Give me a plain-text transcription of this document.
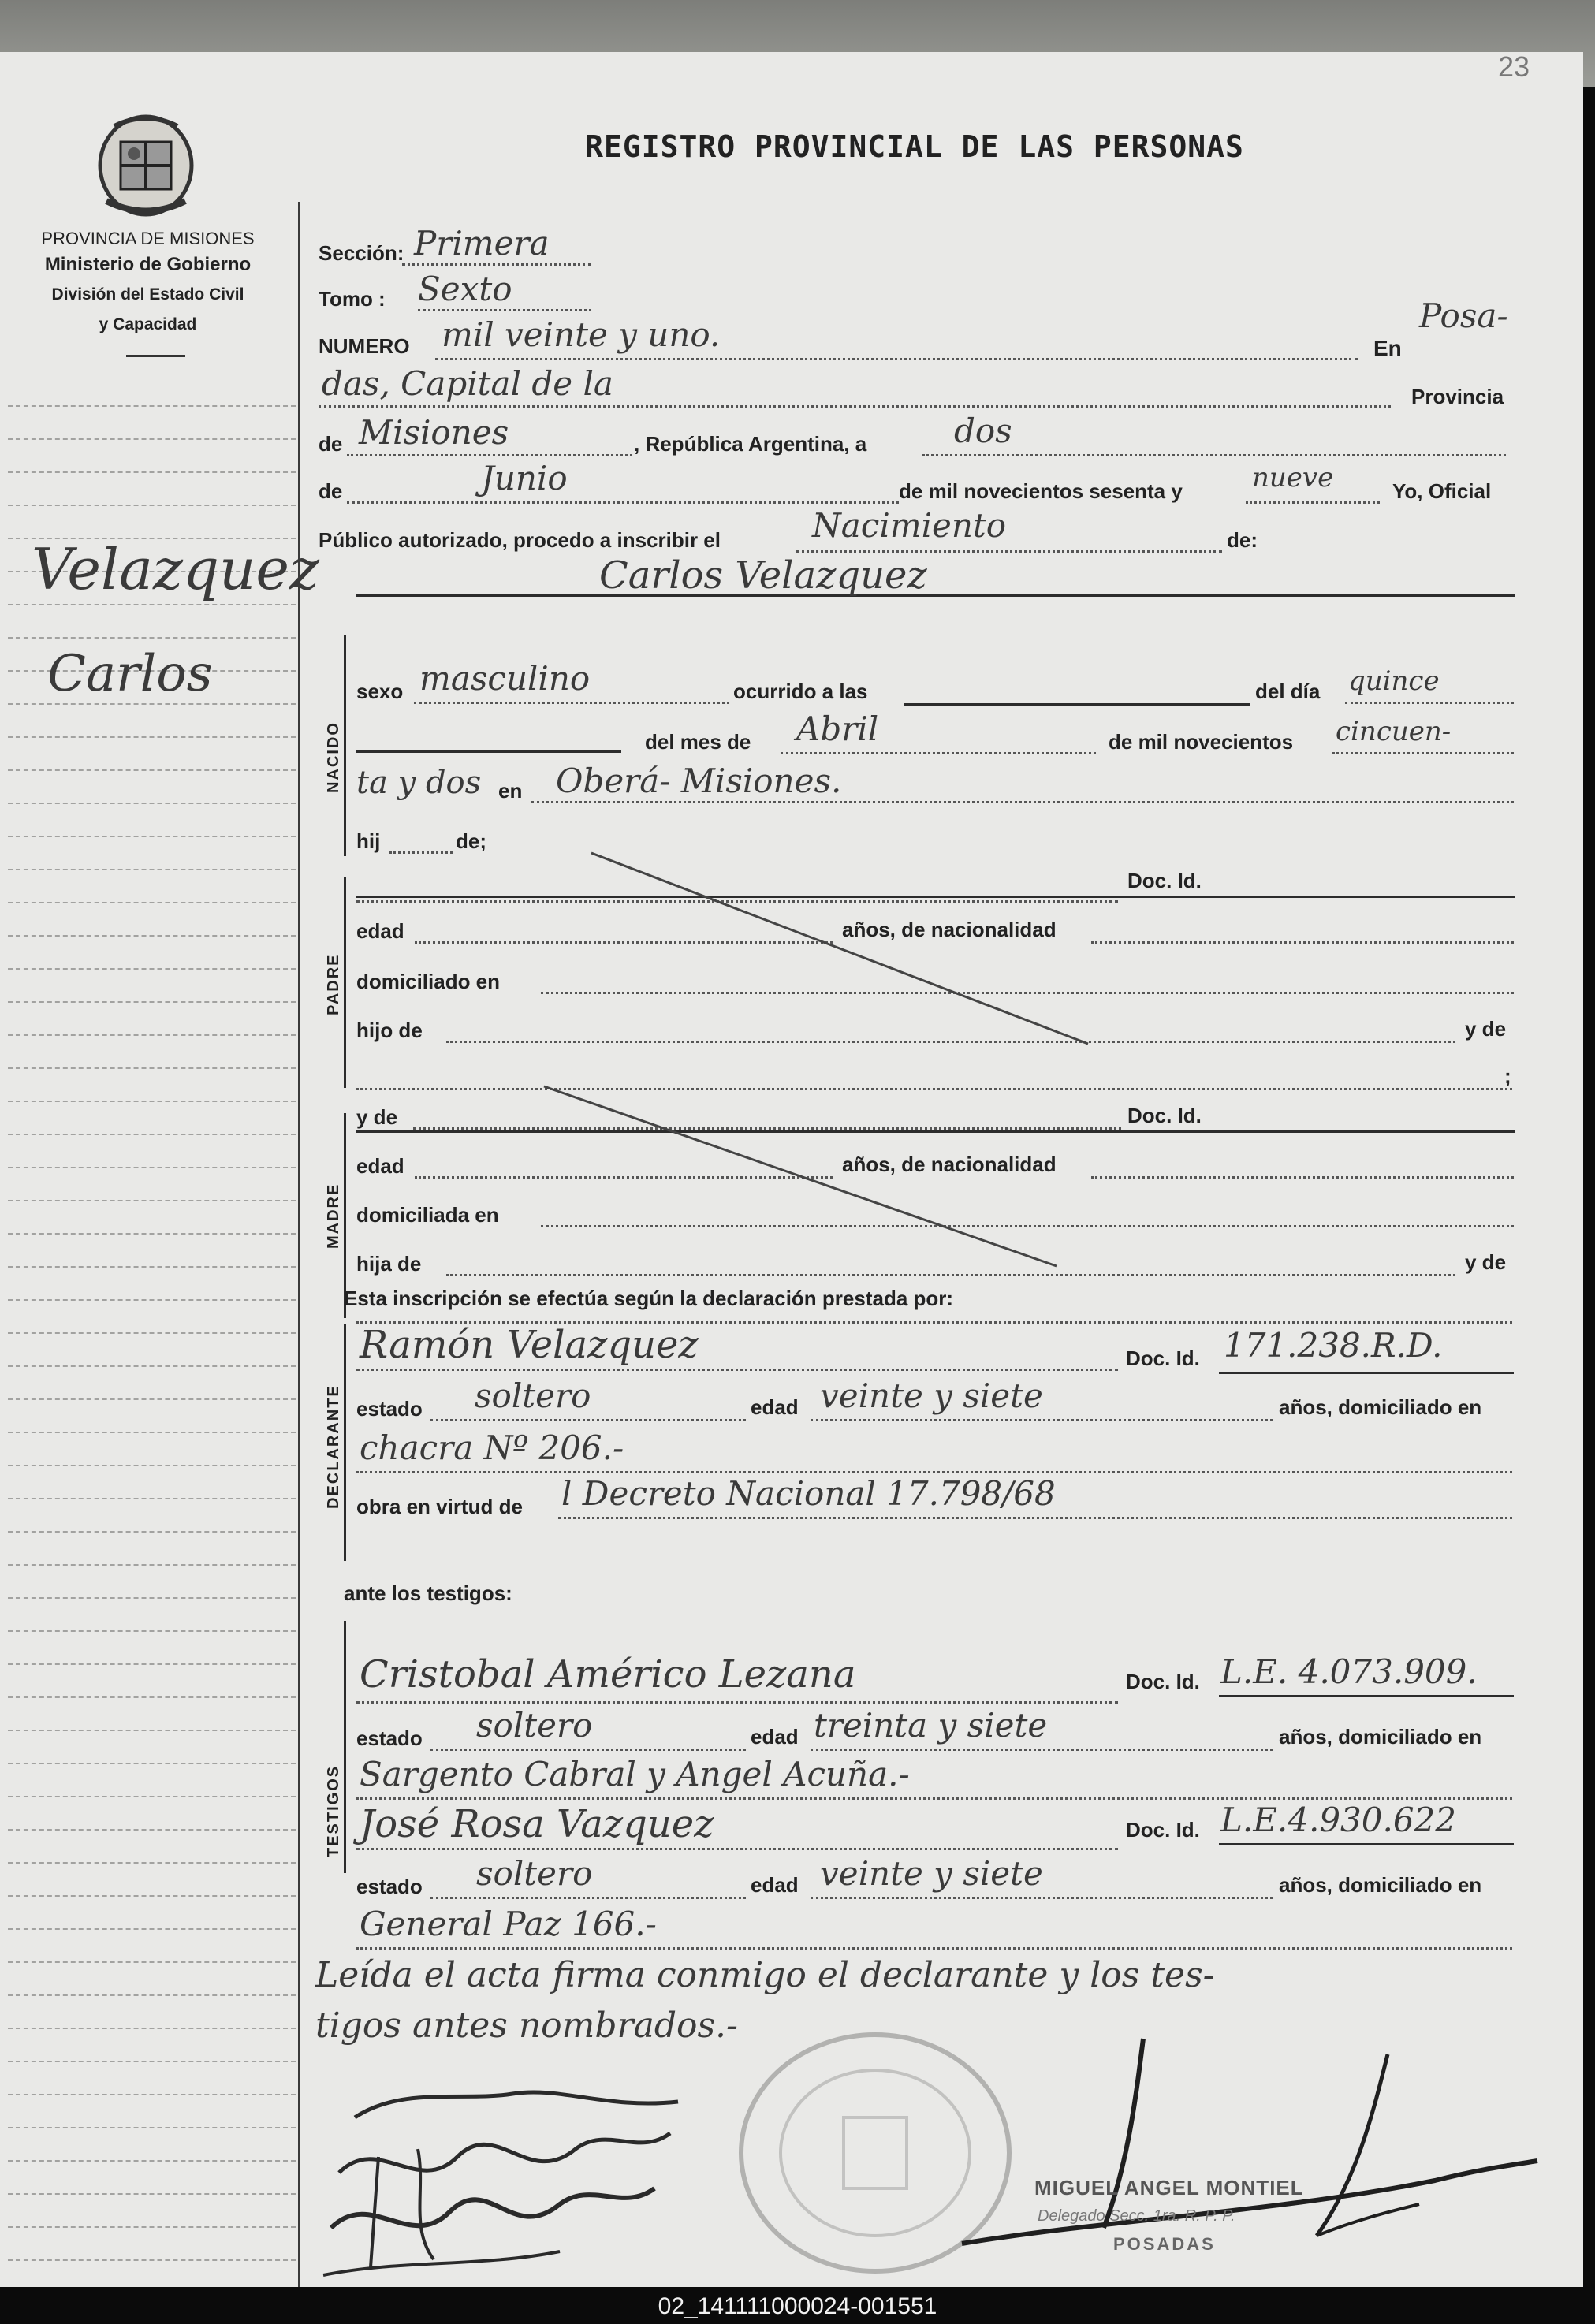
23
PROVINCIA DE MISIONES
Ministerio de Gobierno
División del Estado Civil
y Capacidad
REGISTRO PROVINCIAL DE LAS PERSONAS
Velazquez
Carlos
Sección: Primera
Tomo : Sexto
NUMERO mil veinte y uno.	En
Posa-
das, Capital de la	Provincia
de Misiones	, República Argentina, a	dos
de	Junio	de mil novecientos sesenta y	nueve	Yo, Oficial
Público autorizado, procedo a inscribir el	Nacimiento	de:
NACIDO
Carlos Velazquez
sexo masculino	ocurrido a las	del día quince
del mes de Abril	de mil novecientos cincuen-
ta y dos en Oberá- Misiones.
hij	de;
PADRE
Doc. Id.
edad	años, de nacionalidad
domiciliado en
hijo de	y de
;
MADRE
y de	Doc. Id.
edad	años, de nacionalidad
domiciliada en
hija de	y de
Esta inscripción se efectúa según la declaración prestada por:
DECLARANTE
Ramón Velazquez	Doc. Id. 171.238.R.D.
estado soltero	edad veinte y siete	años, domiciliado en
chacra Nº 206.-
obra en virtud de l Decreto Nacional 17.798/68
ante los testigos:
TESTIGOS
Cristobal Américo Lezana	Doc. Id. L.E. 4.073.909.
estado soltero	edad treinta y siete	años, domiciliado en
Sargento Cabral y Angel Acuña.-
José Rosa Vazquez	Doc. Id. L.E.4.930.622
estado soltero	edad veinte y siete	años, domiciliado en
General Paz 166.-
Leída el acta firma conmigo el declarante y los tes-
tigos antes nombrados.-
MIGUEL ANGEL MONTIEL
Delegado Secc. 1ra. R. P. P.
POSADAS
02_141111000024-001551
